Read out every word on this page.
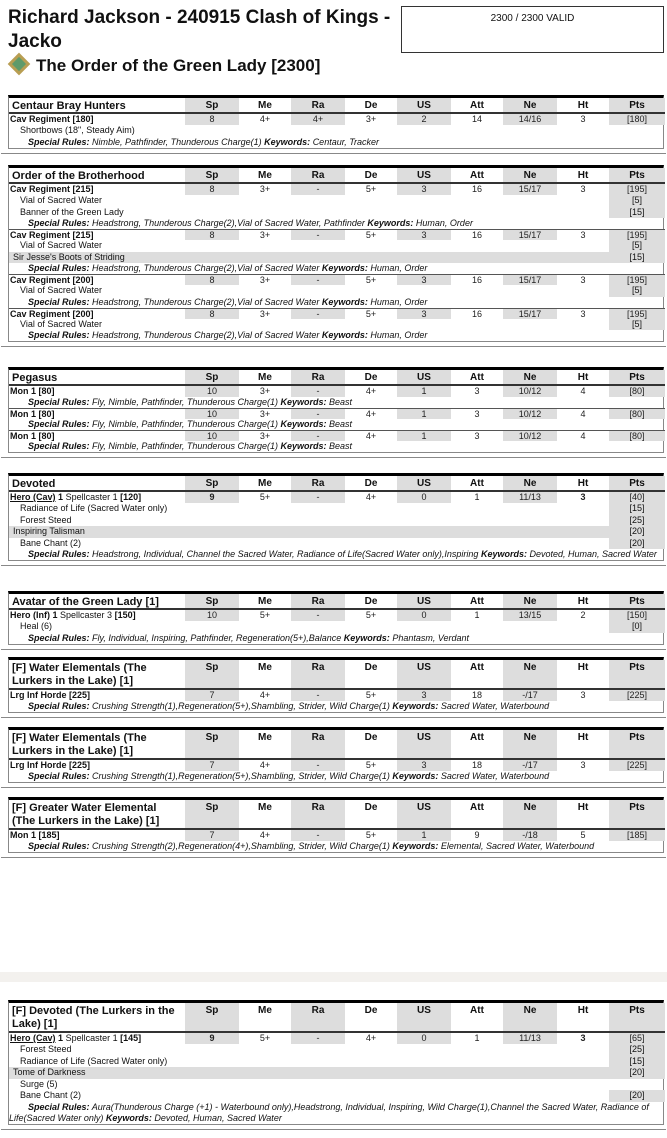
Richard Jackson - 240915 Clash of Kings - Jacko
2300 / 2300 VALID
The Order of the Green Lady [2300]
Centaur Bray Hunters	Sp	Me	Ra	De	US	Att	Ne	Ht	Pts
Cav Regiment [180]	8	4+	4+	3+	2	14	14/16	3	[180]
Shortbows (18", Steady Aim)
Special Rules: Nimble, Pathfinder, Thunderous Charge(1) Keywords: Centaur, Tracker
Order of the Brotherhood	Sp	Me	Ra	De	US	Att	Ne	Ht	Pts
Cav Regiment [215]	8	3+	-	5+	3	16	15/17	3	[195]
Vial of Sacred Water	[5]
Banner of the Green Lady	[15]
Special Rules: Headstrong, Thunderous Charge(2),Vial of Sacred Water, Pathfinder Keywords: Human, Order
Cav Regiment [215]	8	3+	-	5+	3	16	15/17	3	[195]
Vial of Sacred Water	[5]
Sir Jesse's Boots of Striding	[15]
Special Rules: Headstrong, Thunderous Charge(2),Vial of Sacred Water Keywords: Human, Order
Cav Regiment [200]	8	3+	-	5+	3	16	15/17	3	[195]
Vial of Sacred Water	[5]
Special Rules: Headstrong, Thunderous Charge(2),Vial of Sacred Water Keywords: Human, Order
Cav Regiment [200]	8	3+	-	5+	3	16	15/17	3	[195]
Vial of Sacred Water	[5]
Special Rules: Headstrong, Thunderous Charge(2),Vial of Sacred Water Keywords: Human, Order
Pegasus	Sp	Me	Ra	De	US	Att	Ne	Ht	Pts
Mon 1 [80]	10	3+	-	4+	1	3	10/12	4	[80]
Special Rules: Fly, Nimble, Pathfinder, Thunderous Charge(1) Keywords: Beast
Mon 1 [80]	10	3+	-	4+	1	3	10/12	4	[80]
Special Rules: Fly, Nimble, Pathfinder, Thunderous Charge(1) Keywords: Beast
Mon 1 [80]	10	3+	-	4+	1	3	10/12	4	[80]
Special Rules: Fly, Nimble, Pathfinder, Thunderous Charge(1) Keywords: Beast
Devoted	Sp	Me	Ra	De	US	Att	Ne	Ht	Pts
Hero (Cav) 1 Spellcaster 1 [120]	9	5+	-	4+	0	1	11/13	3	[40]
Radiance of Life (Sacred Water only)	[15]
Forest Steed	[25]
Inspiring Talisman	[20]
Bane Chant (2)	[20]
Special Rules: Headstrong, Individual, Channel the Sacred Water, Radiance of Life(Sacred Water only),Inspiring Keywords: Devoted, Human, Sacred Water
Avatar of the Green Lady [1]	Sp	Me	Ra	De	US	Att	Ne	Ht	Pts
Hero (Inf) 1 Spellcaster 3 [150]	10	5+	-	5+	0	1	13/15	2	[150]
Heal (6)	[0]
Special Rules: Fly, Individual, Inspiring, Pathfinder, Regeneration(5+),Balance Keywords: Phantasm, Verdant
[F] Water Elementals (The Lurkers in the Lake) [1]
Sp	Me	Ra	De	US	Att	Ne	Ht	Pts
Lrg Inf Horde [225]	7	4+	-	5+	3	18	-/17	3	[225]
Special Rules: Crushing Strength(1),Regeneration(5+),Shambling, Strider, Wild Charge(1) Keywords: Sacred Water, Waterbound
[F] Water Elementals (The Lurkers in the Lake) [1]
Sp	Me	Ra	De	US	Att	Ne	Ht	Pts
Lrg Inf Horde [225]	7	4+	-	5+	3	18	-/17	3	[225]
Special Rules: Crushing Strength(1),Regeneration(5+),Shambling, Strider, Wild Charge(1) Keywords: Sacred Water, Waterbound
[F] Greater Water Elemental (The Lurkers in the Lake) [1]
Sp	Me	Ra	De	US	Att	Ne	Ht	Pts
Mon 1 [185]	7	4+	-	5+	1	9	-/18	5	[185]
Special Rules: Crushing Strength(2),Regeneration(4+),Shambling, Strider, Wild Charge(1) Keywords: Elemental, Sacred Water, Waterbound
[F] Devoted (The Lurkers in the Lake) [1]
Sp	Me	Ra	De	US	Att	Ne	Ht	Pts
Hero (Cav) 1 Spellcaster 1 [145]	9	5+	-	4+	0	1	11/13	3	[65]
Forest Steed	[25]
Radiance of Life (Sacred Water only)	[15]
Tome of Darkness	[20]
Surge (5)
Bane Chant (2)	[20]
Special Rules: Aura(Thunderous Charge (+1) - Waterbound only),Headstrong, Individual, Inspiring, Wild Charge(1),Channel the Sacred Water, Radiance of Life(Sacred Water only) Keywords: Devoted, Human, Sacred Water
